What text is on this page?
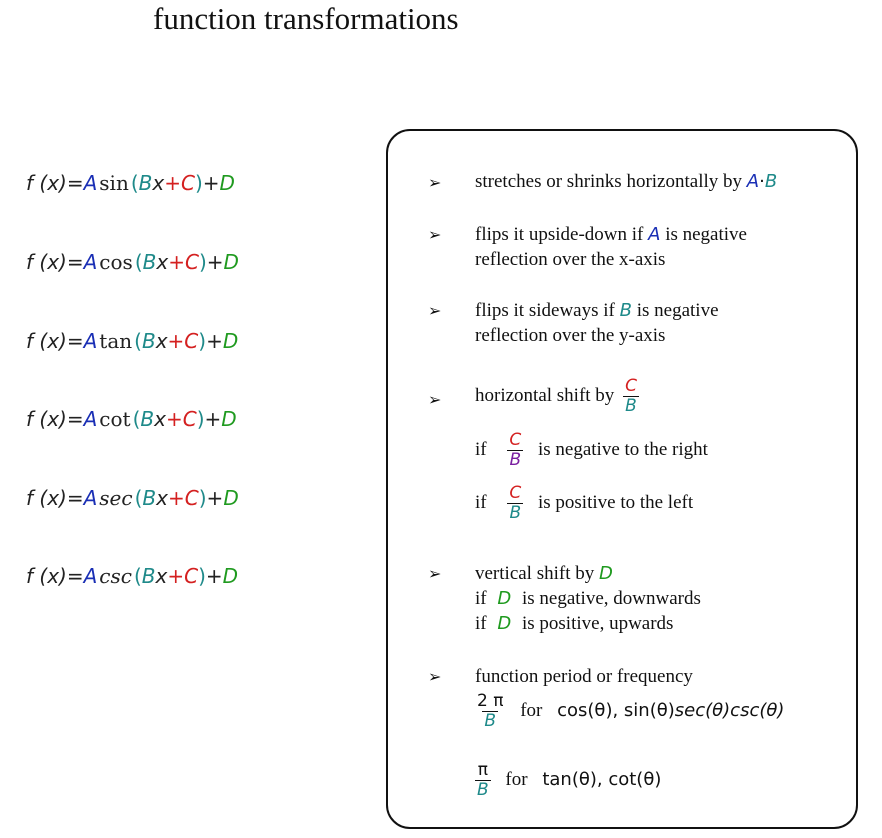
function transformations
f (x)=A sin (Bx+C)+D
f (x)=A cos (Bx+C)+D
f (x)=A tan (Bx+C)+D
f (x)=A cot (Bx+C)+D
f (x)=A sec (Bx+C)+D
f (x)=A csc (Bx+C)+D
➢ stretches or shrinks horizontally by A·B
➢ flips it upside-down if A is negative
reflection over the x-axis
➢ flips it sideways if B is negative
reflection over the y-axis
➢ horizontal shift by $\frac{C}{B}$
if $\frac{C}{B}$ is negative to the right
if $\frac{C}{B}$ is positive to the left
➢ vertical shift by D
if D is negative, downwards
if D is positive, upwards
➢ function period or frequency
$\frac{2 \pi}{B}$ for cos(θ), sin(θ)sec(θ)csc(θ)
$\frac{\pi}{B}$ for tan(θ), cot(θ)
